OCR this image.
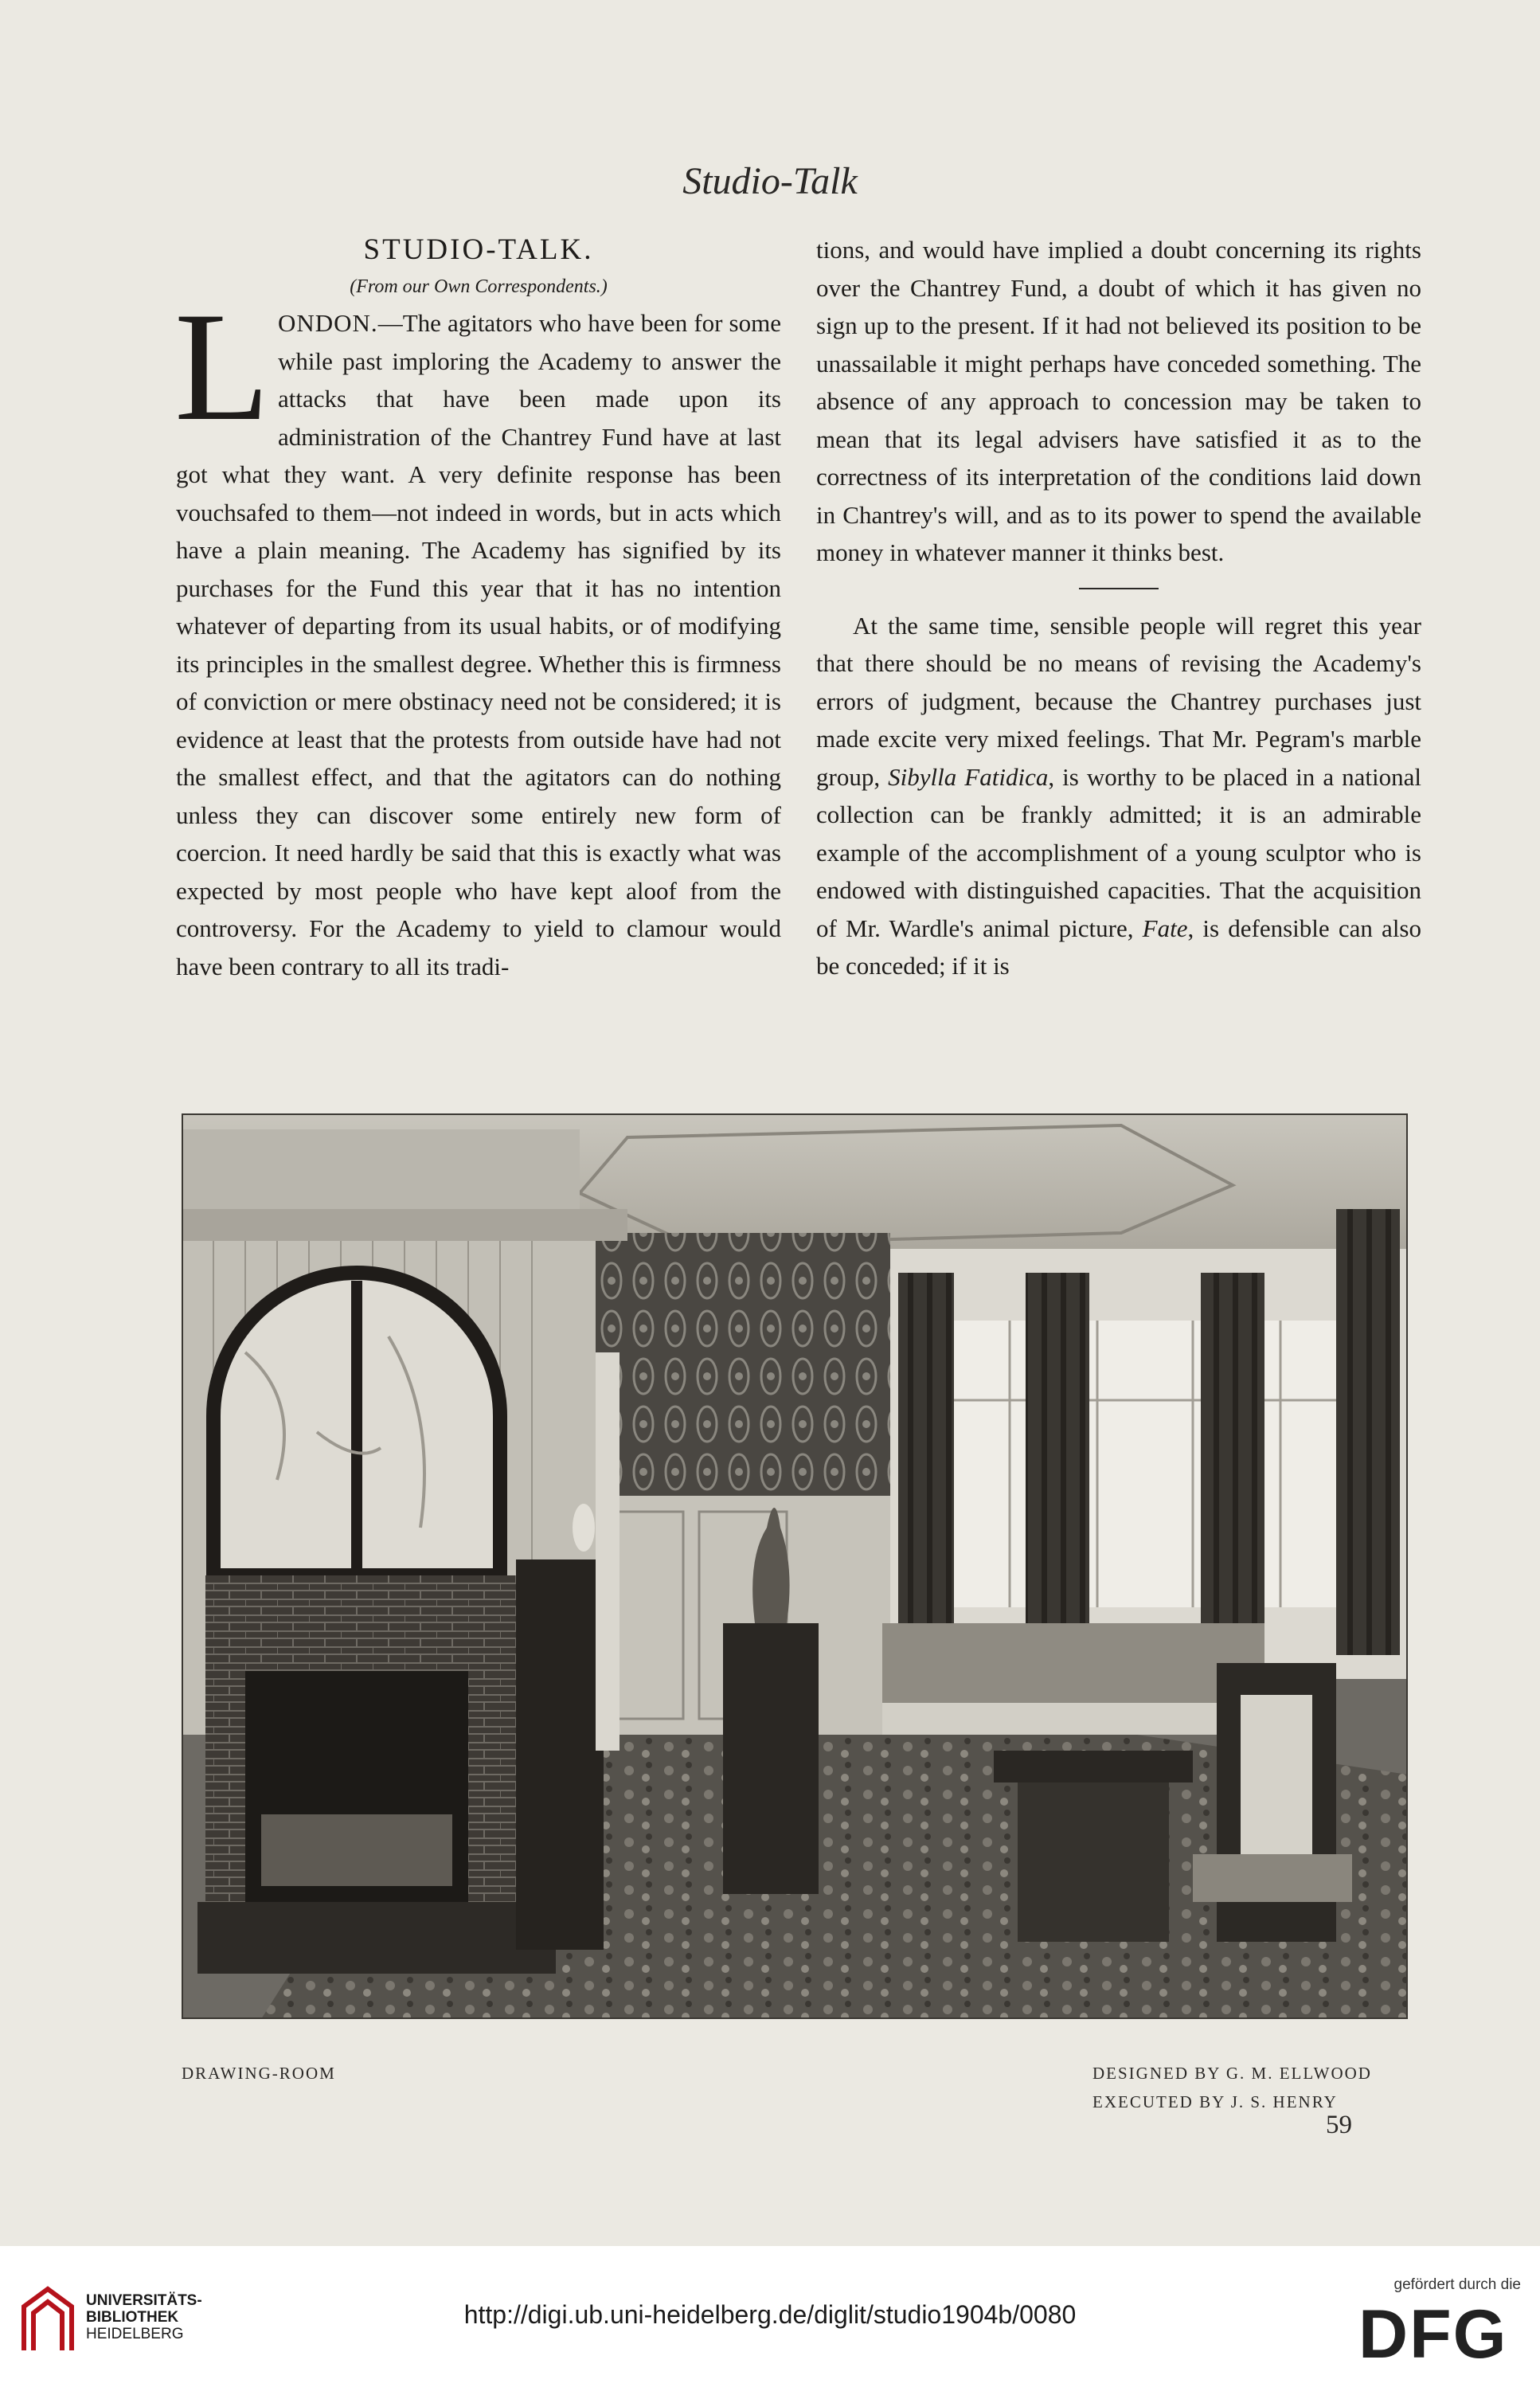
Studio-Talk

STUDIO-TALK.

(From our Own Correspondents.)

LONDON.—The agitators who have been for some while past imploring the Academy to answer the attacks that have been made upon its administration of the Chantrey Fund have at last got what they want. A very definite response has been vouchsafed to them—not indeed in words, but in acts which have a plain meaning. The Academy has signified by its purchases for the Fund this year that it has no intention whatever of departing from its usual habits, or of modifying its principles in the smallest degree. Whether this is firmness of conviction or mere obstinacy need not be considered; it is evidence at least that the protests from outside have had not the smallest effect, and that the agitators can do nothing unless they can discover some entirely new form of coercion. It need hardly be said that this is exactly what was expected by most people who have kept aloof from the controversy. For the Academy to yield to clamour would have been contrary to all its tradi-

tions, and would have implied a doubt concerning its rights over the Chantrey Fund, a doubt of which it has given no sign up to the present. If it had not believed its position to be unassailable it might perhaps have conceded something. The absence of any approach to concession may be taken to mean that its legal advisers have satisfied it as to the correctness of its interpretation of the conditions laid down in Chantrey's will, and as to its power to spend the available money in whatever manner it thinks best.

At the same time, sensible people will regret this year that there should be no means of revising the Academy's errors of judgment, because the Chantrey purchases just made excite very mixed feelings. That Mr. Pegram's marble group, Sibylla Fatidica, is worthy to be placed in a national collection can be frankly admitted; it is an admirable example of the accomplishment of a young sculptor who is endowed with distinguished capacities. That the acquisition of Mr. Wardle's animal picture, Fate, is defensible can also be conceded; if it is

DRAWING-ROOM	DESIGNED BY G. M. ELLWOOD
EXECUTED BY J. S. HENRY
59
UNIVERSITÄTS-
BIBLIOTHEK
HEIDELBERG
http://digi.ub.uni-heidelberg.de/diglit/studio1904b/0080
gefördert durch die
DFG
